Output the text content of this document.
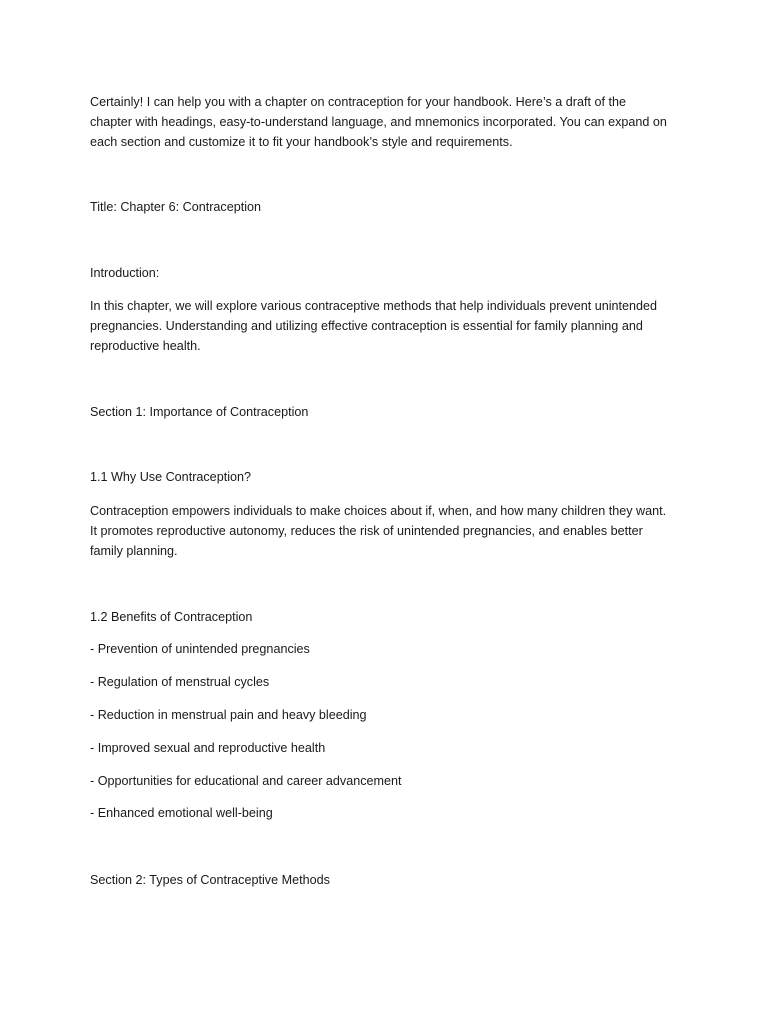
Certainly! I can help you with a chapter on contraception for your handbook. Here’s a draft of the

chapter with headings, easy-to-understand language, and mnemonics incorporated. You can expand on

each section and customize it to fit your handbook’s style and requirements.

Title: Chapter 6: Contraception

Introduction:

In this chapter, we will explore various contraceptive methods that help individuals prevent unintended

pregnancies. Understanding and utilizing effective contraception is essential for family planning and

reproductive health.

Section 1: Importance of Contraception

1.1 Why Use Contraception?

Contraception empowers individuals to make choices about if, when, and how many children they want.

It promotes reproductive autonomy, reduces the risk of unintended pregnancies, and enables better

family planning.

1.2 Benefits of Contraception

- Prevention of unintended pregnancies

- Regulation of menstrual cycles

- Reduction in menstrual pain and heavy bleeding

- Improved sexual and reproductive health

- Opportunities for educational and career advancement

- Enhanced emotional well-being

Section 2: Types of Contraceptive Methods
